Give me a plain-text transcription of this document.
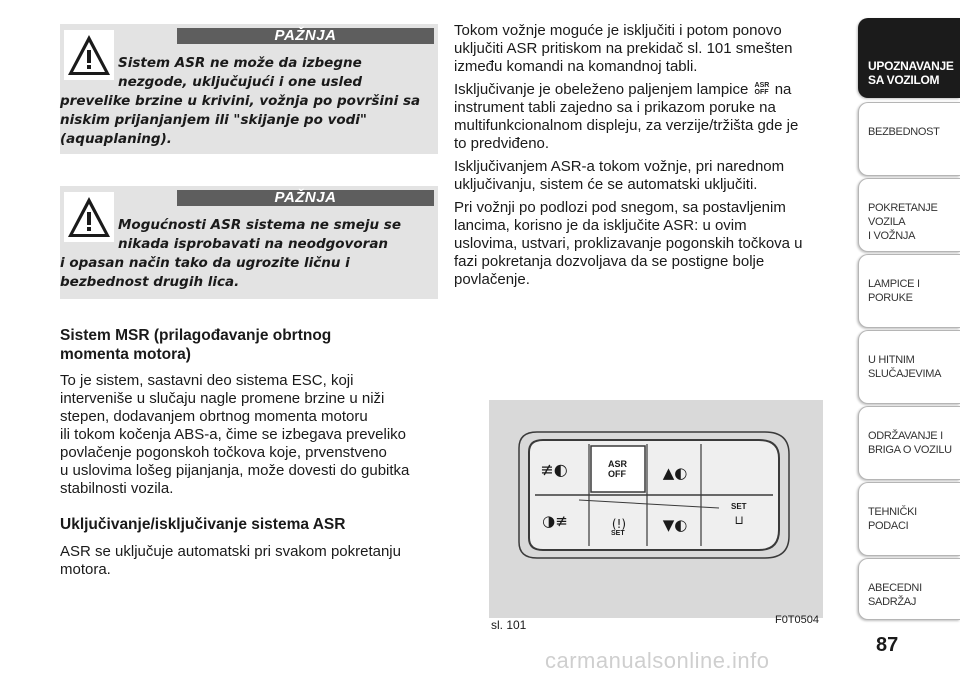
PAŽNJA

Sistem ASR ne može da izbegne

nezgode, uključujući i one usled

prevelike brzine u krivini, vožnja po površini sa

niskim prijanjanjem ili "skijanje po vodi"

(aquaplaning).

PAŽNJA

Mogućnosti ASR sistema ne smeju se

nikada isprobavati na neodgovoran

i opasan način tako da ugrozite ličnu i

bezbednost drugih lica.

Sistem MSR (prilagođavanje obrtnog

momenta motora)

To je sistem, sastavni deo sistema ESC, koji

interveniše u slučaju nagle promene brzine u niži

stepen, dodavanjem obrtnog momenta motoru

ili tokom kočenja ABS-a, čime se izbegava preveliko

povlačenje pogonskoh točkova koje, prvenstveno

u uslovima lošeg pijanjanja, može dovesti do gubitka

stabilnosti vozila.

Uključivanje/isključivanje sistema ASR

ASR se uključuje automatski pri svakom pokretanju

motora.

Tokom vožnje moguće je isključiti i potom ponovo

uključiti ASR pritiskom na prekidač sl. 101 smešten

između komandi na komandnoj tabli.

Isključivanje je obeleženo paljenjem lampice ASR
OFF na

instrument tabli zajedno sa i prikazom poruke na

multifunkcionalnom displeju, za verzije/tržišta gde je

to predviđeno.

Isključivanjem ASR-a tokom vožnje, pri narednom

uključivanju, sistem će se automatski uključiti.

Pri vožnji po podlozi pod snegom, sa postavljenim

lancima, korisno je da isključite ASR: u ovim

uslovima, ustvari, proklizavanje pogonskih točkova u

fazi pokretanja dozvoljava da se postigne bolje

povlačenje.

≢◐
◑≢
▲◐
▼◐
(!)	⊔
ASR
OFF
SET
SET
sl. 101	F0T0504
UPOZNAVANJE
SA VOZILOM
BEZBEDNOST
POKRETANJE VOZILA
I VOŽNJA
LAMPICE I PORUKE
U HITNIM
SLUČAJEVIMA
ODRŽAVANJE I
BRIGA O VOZILU
TEHNIČKI PODACI
ABECEDNI SADRŽAJ
87
carmanualsonline.info
